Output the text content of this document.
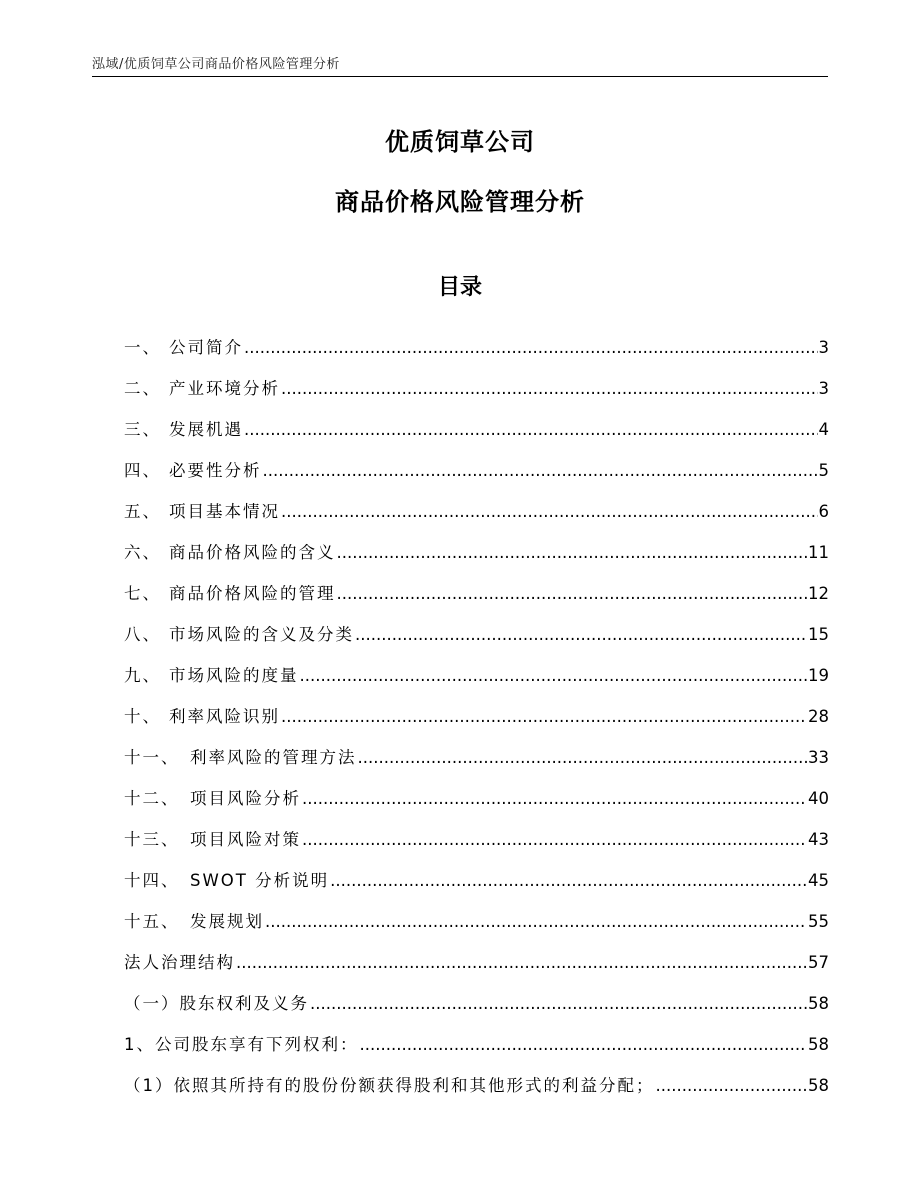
泓域/优质饲草公司商品价格风险管理分析
优质饲草公司
商品价格风险管理分析
目录
一、 公司简介 .....	3
二、 产业环境分析 .....	3
三、 发展机遇 .....	4
四、 必要性分析 .....	5
五、 项目基本情况 .....	6
六、 商品价格风险的含义 .....	11
七、 商品价格风险的管理 .....	12
八、 市场风险的含义及分类 .....	15
九、 市场风险的度量 .....	19
十、 利率风险识别 .....	28
十一、 利率风险的管理方法 .....	33
十二、 项目风险分析 .....	40
十三、 项目风险对策 .....	43
十四、 SWOT 分析说明 .....	45
十五、 发展规划 .....	55
法人治理结构 .....	57
（一）股东权利及义务 .....	58
1、公司股东享有下列权利： .....	58
（1）依照其所持有的股份份额获得股利和其他形式的利益分配； .....	58
